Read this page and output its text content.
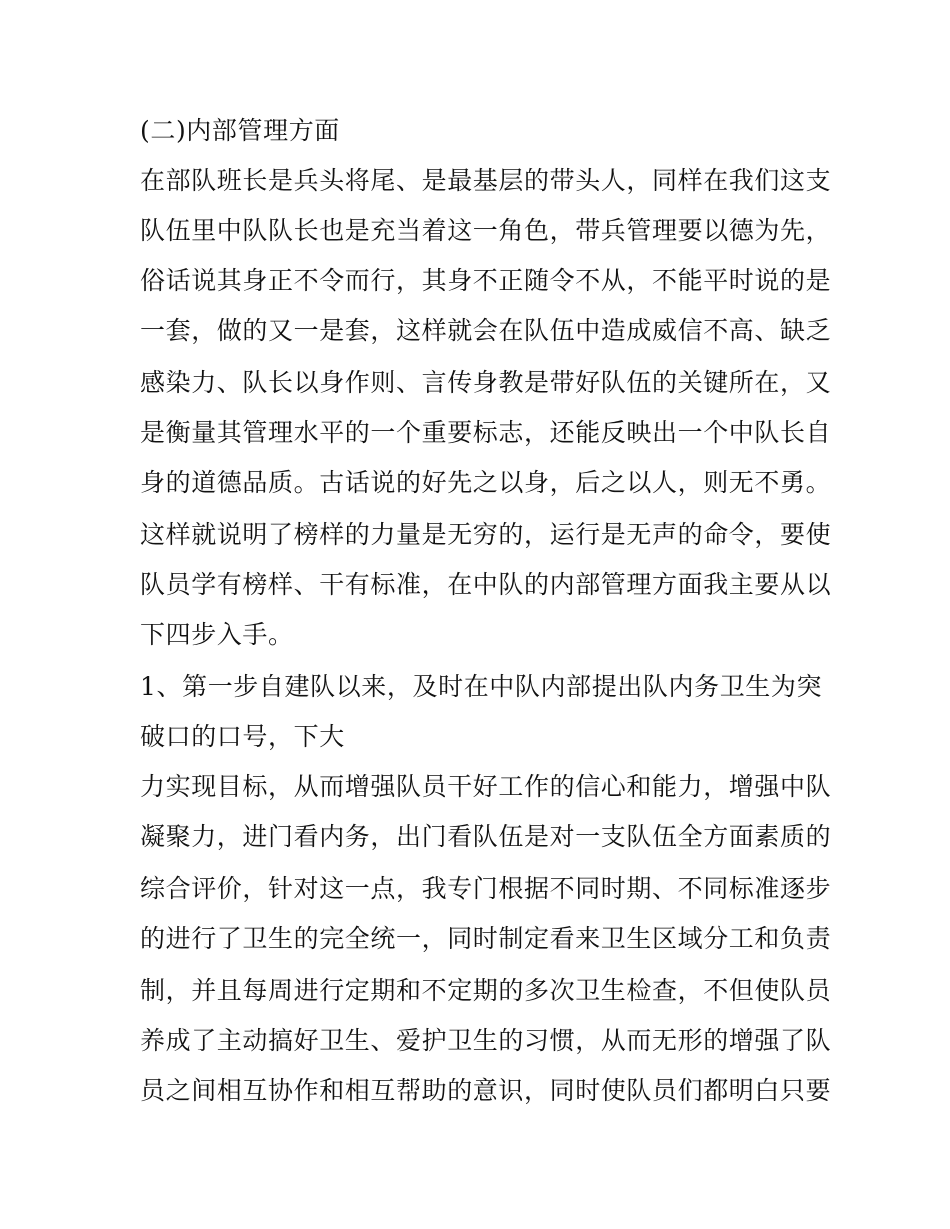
(二)内部管理方面
在部队班长是兵头将尾、是最基层的带头人，同样在我们这支
队伍里中队队长也是充当着这一角色，带兵管理要以德为先，
俗话说其身正不令而行，其身不正随令不从，不能平时说的是
一套，做的又一是套，这样就会在队伍中造成威信不高、缺乏
感染力、队长以身作则、言传身教是带好队伍的关键所在，又
是衡量其管理水平的一个重要标志，还能反映出一个中队长自
身的道德品质。古话说的好先之以身，后之以人，则无不勇。
这样就说明了榜样的力量是无穷的，运行是无声的命令，要使
队员学有榜样、干有标准，在中队的内部管理方面我主要从以
下四步入手。
1、第一步自建队以来，及时在中队内部提出队内务卫生为突
破口的口号，下大
力实现目标，从而增强队员干好工作的信心和能力，增强中队
凝聚力，进门看内务，出门看队伍是对一支队伍全方面素质的
综合评价，针对这一点，我专门根据不同时期、不同标准逐步
的进行了卫生的完全统一，同时制定看来卫生区域分工和负责
制，并且每周进行定期和不定期的多次卫生检查，不但使队员
养成了主动搞好卫生、爱护卫生的习惯，从而无形的增强了队
员之间相互协作和相互帮助的意识，同时使队员们都明白只要
